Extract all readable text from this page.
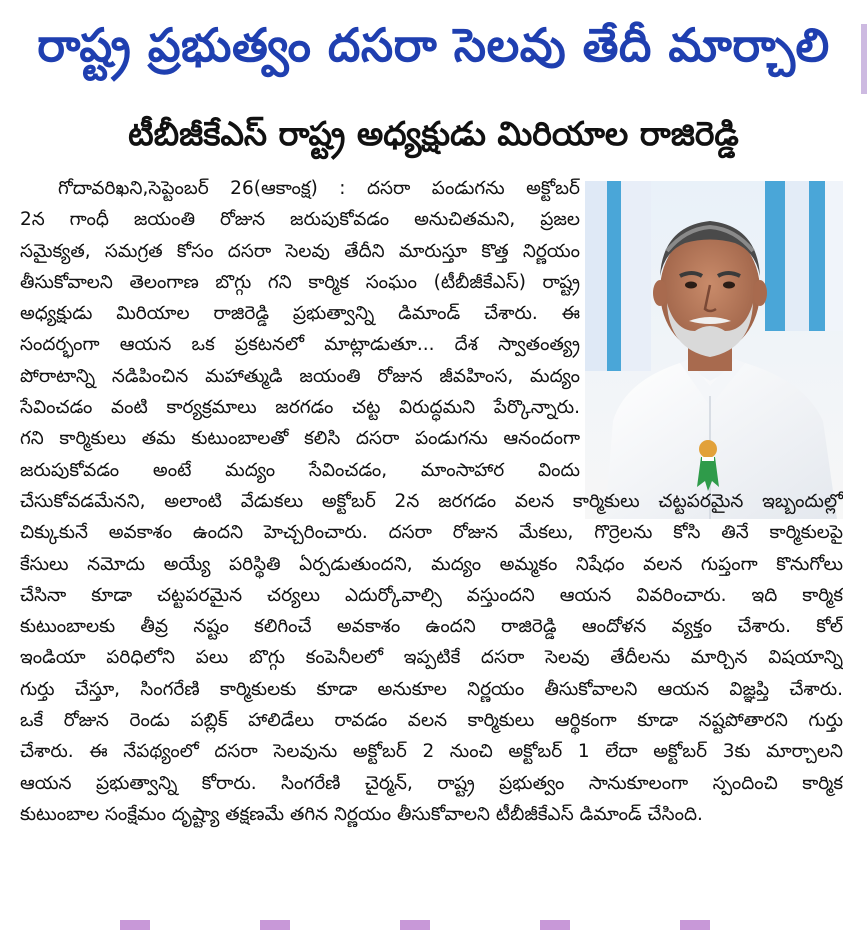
రాష్ట్ర ప్రభుత్వం దసరా సెలవు తేదీ మార్చాలి
టీబీజీకేఎస్ రాష్ట్ర అధ్యక్షుడు మిరియాల రాజిరెడ్డి
గోదావరిఖని,సెప్టెంబర్ 26(ఆకాంక్ష) : దసరా పండుగను అక్టోబర్
2న గాంధీ జయంతి రోజున జరుపుకోవడం అనుచితమని, ప్రజల
సమైక్యత, సమగ్రత కోసం దసరా సెలవు తేదీని మారుస్తూ కొత్త నిర్ణయం
తీసుకోవాలని తెలంగాణ బొగ్గు గని కార్మిక సంఘం (టీబీజీకేఎస్) రాష్ట్ర
అధ్యక్షుడు మిరియాల రాజిరెడ్డి ప్రభుత్వాన్ని డిమాండ్ చేశారు. ఈ
సందర్భంగా ఆయన ఒక ప్రకటనలో మాట్లాడుతూ... దేశ స్వాతంత్య్ర
పోరాటాన్ని నడిపించిన మహాత్ముడి జయంతి రోజున జీవహింస, మద్యం
సేవించడం వంటి కార్యక్రమాలు జరగడం చట్ట విరుద్ధమని పేర్కొన్నారు.
గని కార్మికులు తమ కుటుంబాలతో కలిసి దసరా పండుగను ఆనందంగా
జరుపుకోవడం అంటే మద్యం సేవించడం, మాంసాహార విందు
చేసుకోవడమేనని, అలాంటి వేడుకలు అక్టోబర్ 2న జరగడం వలన కార్మికులు చట్టపరమైన ఇబ్బందుల్లో
చిక్కుకునే అవకాశం ఉందని హెచ్చరించారు. దసరా రోజున మేకలు, గొర్రెలను కోసి తినే కార్మికులపై
కేసులు నమోదు అయ్యే పరిస్థితి ఏర్పడుతుందని, మద్యం అమ్మకం నిషేధం వలన గుప్తంగా కొనుగోలు
చేసినా కూడా చట్టపరమైన చర్యలు ఎదుర్కోవాల్సి వస్తుందని ఆయన వివరించారు. ఇది కార్మిక
కుటుంబాలకు తీవ్ర నష్టం కలిగించే అవకాశం ఉందని రాజిరెడ్డి ఆందోళన వ్యక్తం చేశారు. కోల్
ఇండియా పరిధిలోని పలు బొగ్గు కంపెనీలలో ఇప్పటికే దసరా సెలవు తేదీలను మార్చిన విషయాన్ని
గుర్తు చేస్తూ, సింగరేణి కార్మికులకు కూడా అనుకూల నిర్ణయం తీసుకోవాలని ఆయన విజ్ఞప్తి చేశారు.
ఒకే రోజున రెండు పబ్లిక్ హాలిడేలు రావడం వలన కార్మికులు ఆర్థికంగా కూడా నష్టపోతారని గుర్తు
చేశారు. ఈ నేపథ్యంలో దసరా సెలవును అక్టోబర్ 2 నుంచి అక్టోబర్ 1 లేదా అక్టోబర్ 3కు మార్చాలని
ఆయన ప్రభుత్వాన్ని కోరారు. సింగరేణి చైర్మన్, రాష్ట్ర ప్రభుత్వం సానుకూలంగా స్పందించి కార్మిక
కుటుంబాల సంక్షేమం దృష్ట్యా తక్షణమే తగిన నిర్ణయం తీసుకోవాలని టీబీజీకేఎస్ డిమాండ్ చేసింది.
